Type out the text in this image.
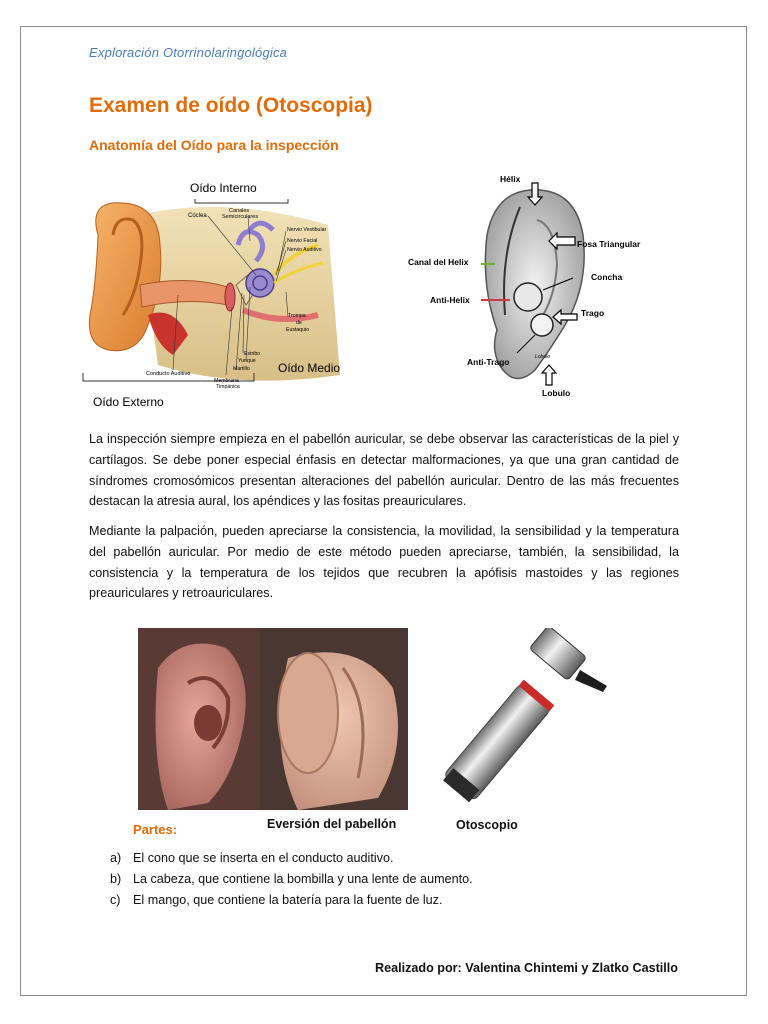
Exploración Otorrinolaringológica
Examen de oído (Otoscopia)
Anatomía del Oído para la inspección
Oído Interno
Cóclea
Canales
Semicirculares
Nervio Vestibular
Nervio Facial
Nervio Auditivo
Trompa
de
Eustaquio
Estribo
Yunque
Martillo
Membrana
Timpánica
Conducto Auditivo	Oído Medio
Oído Externo
Hélix
Fosa Triangular
Canal del Helix
Concha
Anti-Helix
Trago
Anti-Trago	Lobulo
Lobulo

La inspección siempre empieza en el pabellón auricular, se debe observar las características de la piel y cartílagos. Se debe poner especial énfasis en detectar malformaciones, ya que una gran cantidad de síndromes cromosómicos presentan alteraciones del pabellón auricular. Dentro de las más frecuentes destacan la atresia aural, los apéndices y las fositas preauriculares.

Mediante la palpación, pueden apreciarse la consistencia, la movilidad, la sensibilidad y la temperatura del pabellón auricular. Por medio de este método pueden apreciarse, también, la sensibilidad, la consistencia y la temperatura de los tejidos que recubren la apófisis mastoides y las regiones preauriculares y retroauriculares.

Eversión del pabellón	Otoscopio
Partes:
a) El cono que se inserta en el conducto auditivo.
b) La cabeza, que contiene la bombilla y una lente de aumento.
c) El mango, que contiene la batería para la fuente de luz.
Realizado por: Valentina Chintemi y Zlatko Castillo
